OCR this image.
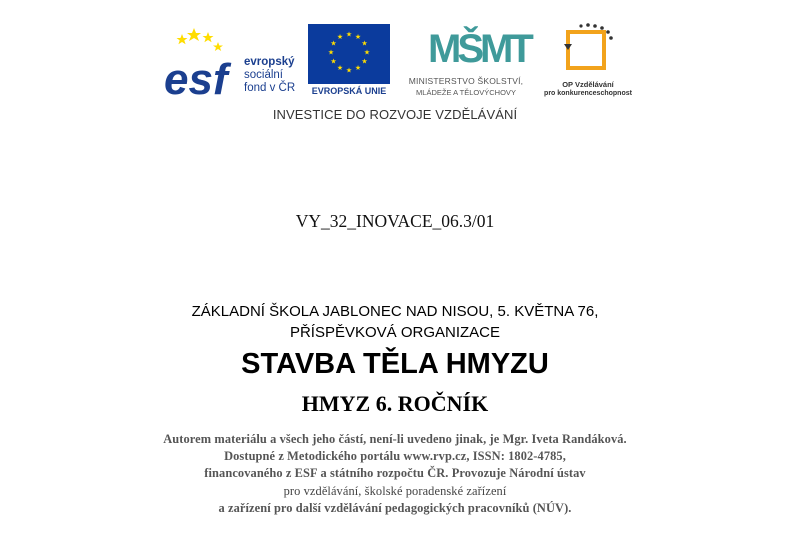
esf	evropský
sociální
fond v ČR
★ ★
★
★
★
★
★
★
★
★
★
★
EVROPSKÁ UNIE
MŠMT
MINISTERSTVO ŠKOLSTVÍ,
MLÁDEŽE A TĚLOVÝCHOVY
OP Vzdělávání
pro konkurenceschopnost
INVESTICE DO ROZVOJE VZDĚLÁVÁNÍ
VY_32_INOVACE_06.3/01
ZÁKLADNÍ ŠKOLA JABLONEC NAD NISOU, 5. KVĚTNA 76,
PŘÍSPĚVKOVÁ ORGANIZACE
STAVBA TĚLA HMYZU
HMYZ 6. ROČNÍK
Autorem materiálu a všech jeho částí, není-li uvedeno jinak, je Mgr. Iveta Randáková.
Dostupné z Metodického portálu www.rvp.cz, ISSN: 1802-4785,
financovaného z ESF a státního rozpočtu ČR. Provozuje Národní ústav
pro vzdělávání, školské poradenské zařízení
a zařízení pro další vzdělávání pedagogických pracovníků (NÚV).
